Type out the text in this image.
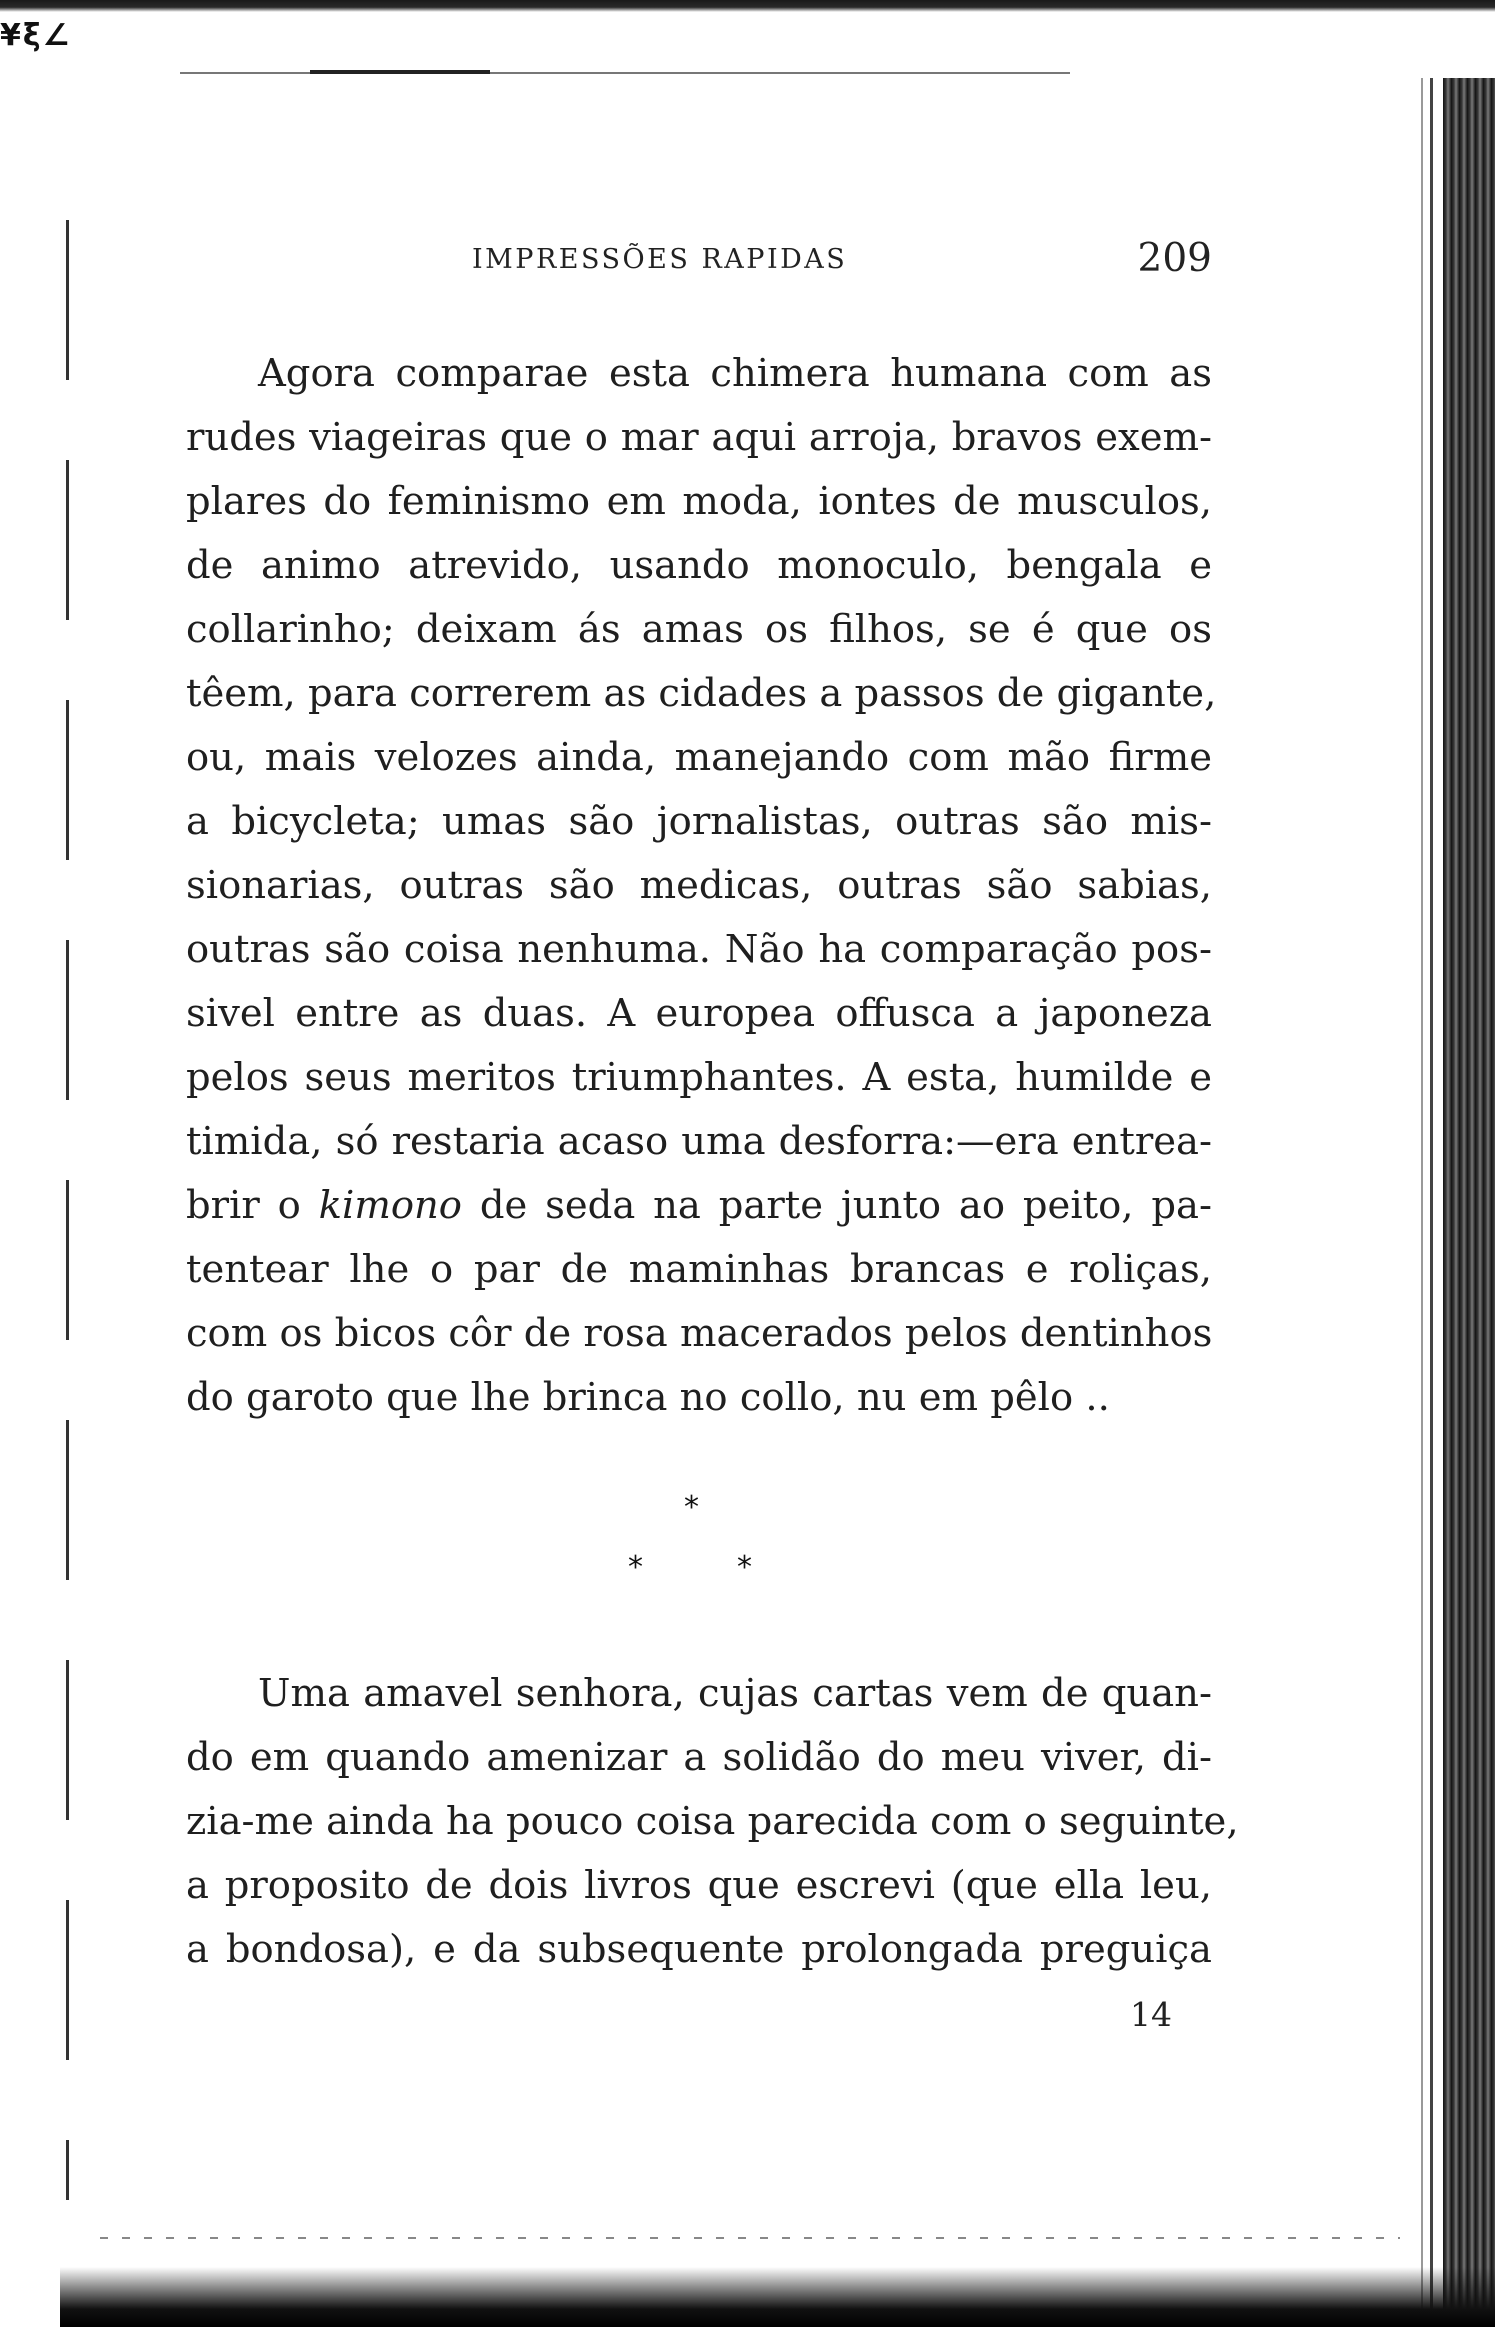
¥ξ∠
IMPRESSÕES RAPIDAS	209
Agora comparae esta chimera humana com as
rudes viageiras que o mar aqui arroja, bravos exem-
plares do feminismo em moda, iontes de musculos,
de animo atrevido, usando monoculo, bengala e
collarinho; deixam ás amas os filhos, se é que os
têem, para correrem as cidades a passos de gigante,
ou, mais velozes ainda, manejando com mão firme
a bicycleta; umas são jornalistas, outras são mis-
sionarias, outras são medicas, outras são sabias,
outras são coisa nenhuma. Não ha comparação pos-
sivel entre as duas. A europea offusca a japoneza
pelos seus meritos triumphantes. A esta, humilde e
timida, só restaria acaso uma desforra:—era entrea-
brir o kimono de seda na parte junto ao peito, pa-
tentear lhe o par de maminhas brancas e roliças,
com os bicos côr de rosa macerados pelos dentinhos
do garoto que lhe brinca no collo, nu em pêlo ..
*
*	*
Uma amavel senhora, cujas cartas vem de quan-
do em quando amenizar a solidão do meu viver, di-
zia-me ainda ha pouco coisa parecida com o seguinte,
a proposito de dois livros que escrevi (que ella leu,
a bondosa), e da subsequente prolongada preguiça
14
